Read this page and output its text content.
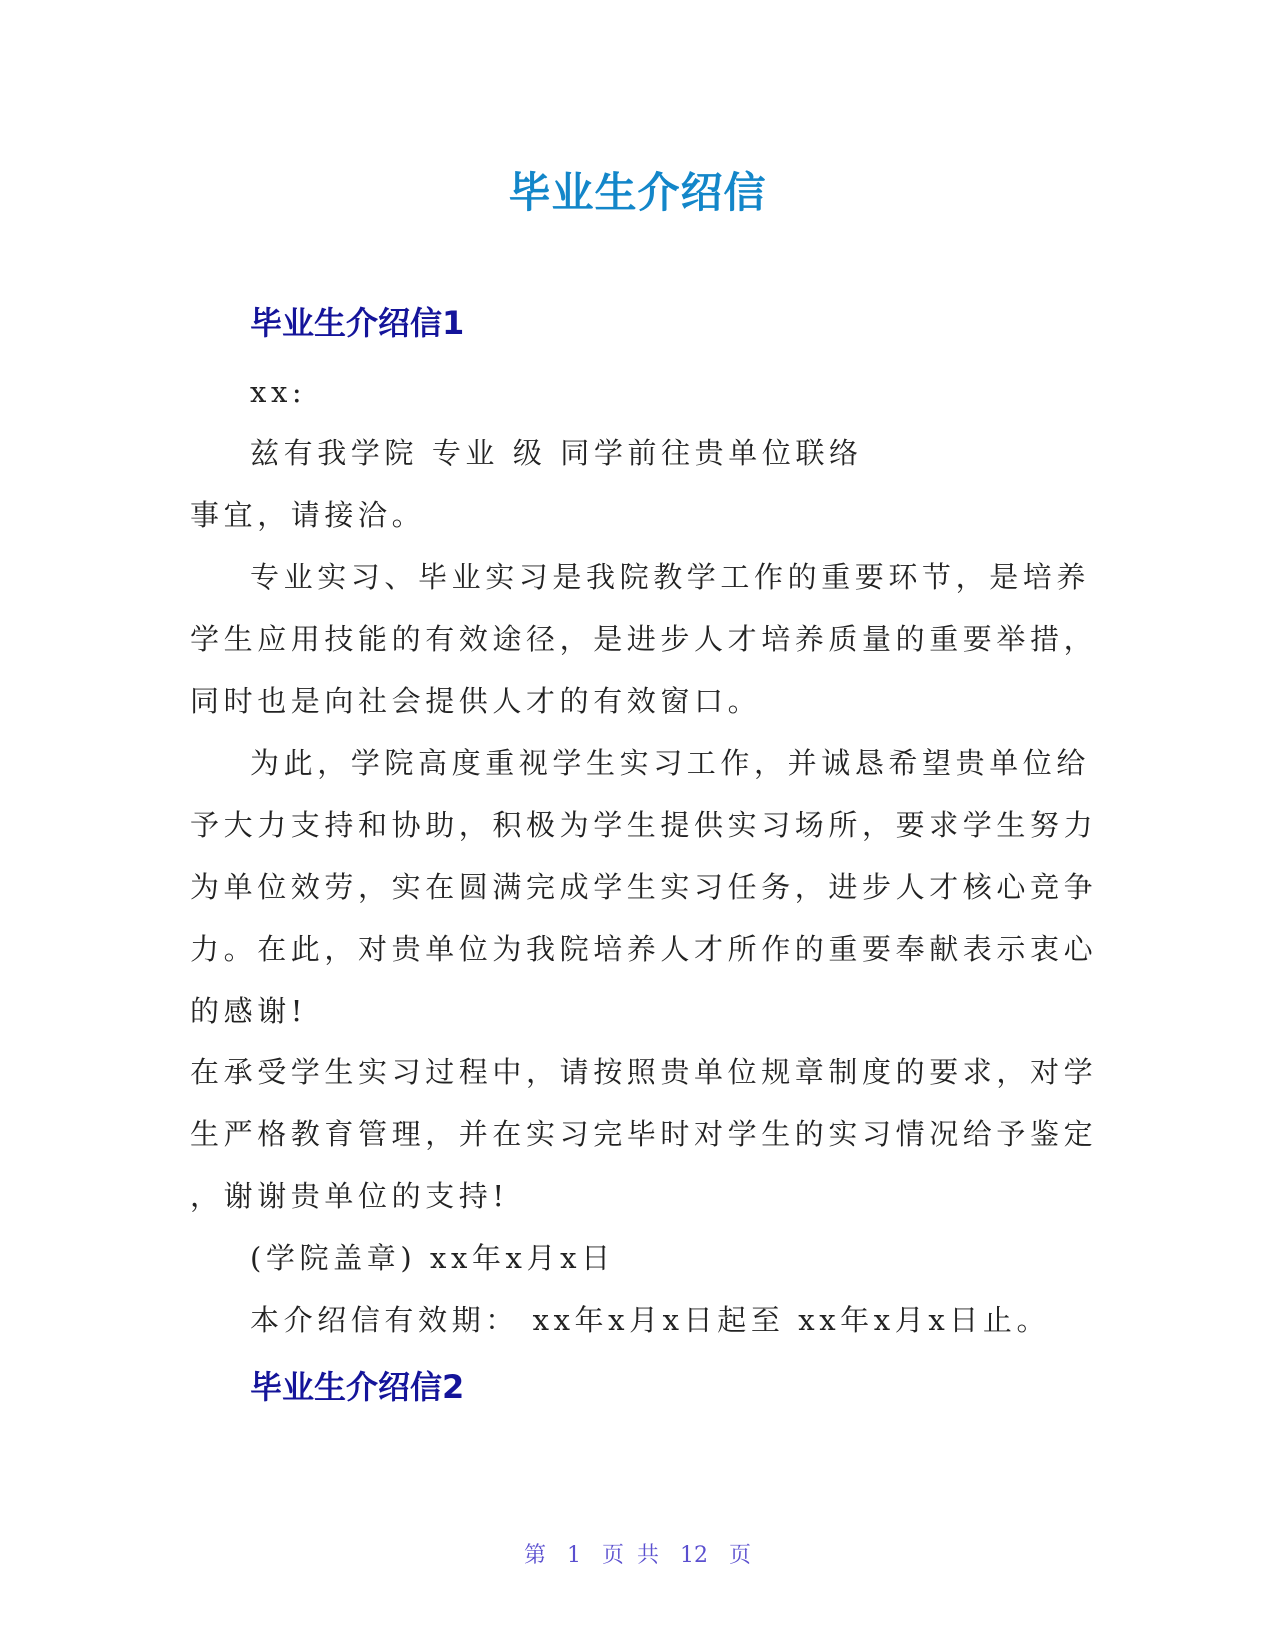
毕业生介绍信
毕业生介绍信1
xx:
兹有我学院 专业 级 同学前往贵单位联络
事宜，请接洽。
专业实习、毕业实习是我院教学工作的重要环节，是培养
学生应用技能的有效途径，是进步人才培养质量的重要举措，
同时也是向社会提供人才的有效窗口。
为此，学院高度重视学生实习工作，并诚恳希望贵单位给
予大力支持和协助，积极为学生提供实习场所，要求学生努力
为单位效劳，实在圆满完成学生实习任务，进步人才核心竞争
力。在此，对贵单位为我院培养人才所作的重要奉献表示衷心
的感谢!
在承受学生实习过程中，请按照贵单位规章制度的要求，对学
生严格教育管理，并在实习完毕时对学生的实习情况给予鉴定
，谢谢贵单位的支持!
(学院盖章) xx年x月x日
本介绍信有效期： xx年x月x日起至 xx年x月x日止。
毕业生介绍信2
第 1 页 共 12 页
